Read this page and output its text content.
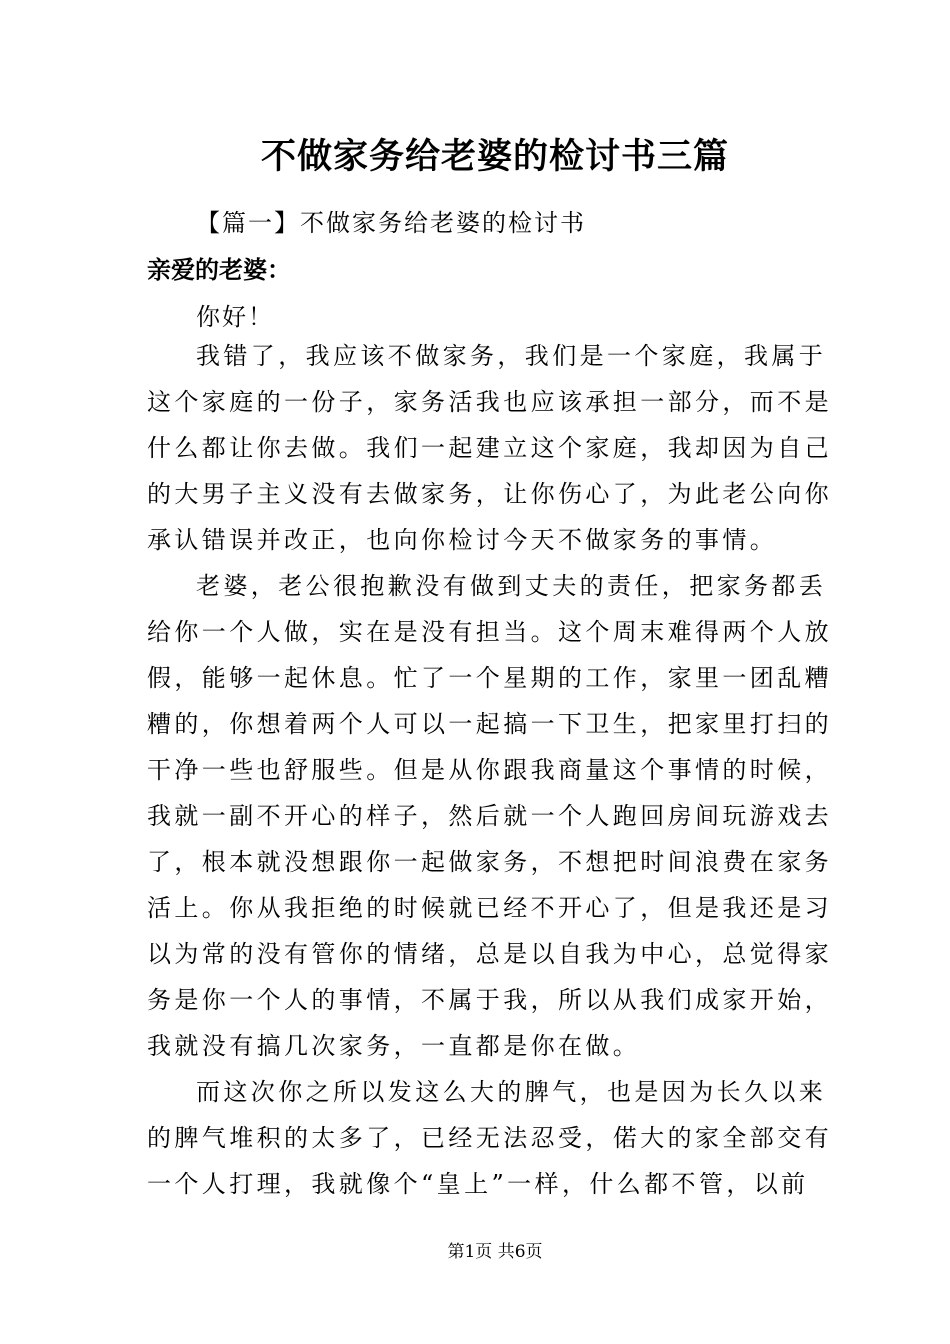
不做家务给老婆的检讨书三篇
【篇一】不做家务给老婆的检讨书
亲爱的老婆：
你好！
我错了，我应该不做家务，我们是一个家庭，我属于
这个家庭的一份子，家务活我也应该承担一部分，而不是
什么都让你去做。我们一起建立这个家庭，我却因为自己
的大男子主义没有去做家务，让你伤心了，为此老公向你
承认错误并改正，也向你检讨今天不做家务的事情。
老婆，老公很抱歉没有做到丈夫的责任，把家务都丢
给你一个人做，实在是没有担当。这个周末难得两个人放
假，能够一起休息。忙了一个星期的工作，家里一团乱糟
糟的，你想着两个人可以一起搞一下卫生，把家里打扫的
干净一些也舒服些。但是从你跟我商量这个事情的时候，
我就一副不开心的样子，然后就一个人跑回房间玩游戏去
了，根本就没想跟你一起做家务，不想把时间浪费在家务
活上。你从我拒绝的时候就已经不开心了，但是我还是习
以为常的没有管你的情绪，总是以自我为中心，总觉得家
务是你一个人的事情，不属于我，所以从我们成家开始，
我就没有搞几次家务，一直都是你在做。
而这次你之所以发这么大的脾气，也是因为长久以来
的脾气堆积的太多了，已经无法忍受，偌大的家全部交有
一个人打理，我就像个“皇上”一样，什么都不管，以前
第1页 共6页
